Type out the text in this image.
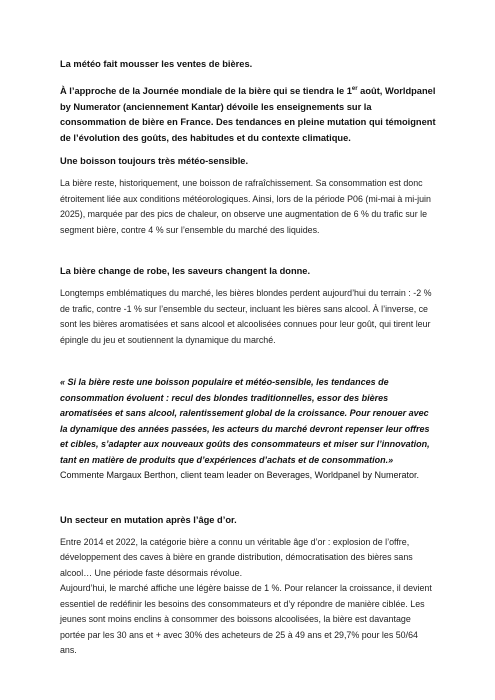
La météo fait mousser les ventes de bières.

À l’approche de la Journée mondiale de la bière qui se tiendra le 1er août, Worldpanel by Numerator (anciennement Kantar) dévoile les enseignements sur la consommation de bière en France. Des tendances en pleine mutation qui témoignent de l’évolution des goûts, des habitudes et du contexte climatique.

Une boisson toujours très météo-sensible.

La bière reste, historiquement, une boisson de rafraîchissement. Sa consommation est donc étroitement liée aux conditions météorologiques. Ainsi, lors de la période P06 (mi-mai à mi-juin 2025), marquée par des pics de chaleur, on observe une augmentation de 6 % du trafic sur le segment bière, contre 4 % sur l’ensemble du marché des liquides.

La bière change de robe, les saveurs changent la donne.

Longtemps emblématiques du marché, les bières blondes perdent aujourd’hui du terrain : -2 % de trafic, contre -1 % sur l’ensemble du secteur, incluant les bières sans alcool. À l’inverse, ce sont les bières aromatisées et sans alcool et alcoolisées connues pour leur goût, qui tirent leur épingle du jeu et soutiennent la dynamique du marché.

« Si la bière reste une boisson populaire et météo-sensible, les tendances de consommation évoluent : recul des blondes traditionnelles, essor des bières aromatisées et sans alcool, ralentissement global de la croissance. Pour renouer avec la dynamique des années passées, les acteurs du marché devront repenser leur offres et cibles, s’adapter aux nouveaux goûts des consommateurs et miser sur l’innovation, tant en matière de produits que d’expériences d’achats et de consommation.» Commente Margaux Berthon, client team leader on Beverages, Worldpanel by Numerator.

Un secteur en mutation après l’âge d’or.

Entre 2014 et 2022, la catégorie bière a connu un véritable âge d’or : explosion de l’offre, développement des caves à bière en grande distribution, démocratisation des bières sans alcool… Une période faste désormais révolue.

Aujourd’hui, le marché affiche une légère baisse de 1 %. Pour relancer la croissance, il devient essentiel de redéfinir les besoins des consommateurs et d’y répondre de manière ciblée. Les jeunes sont moins enclins à consommer des boissons alcoolisées, la bière est davantage portée par les 30 ans et + avec 30% des acheteurs de 25 à 49 ans et 29,7% pour les 50/64 ans.
